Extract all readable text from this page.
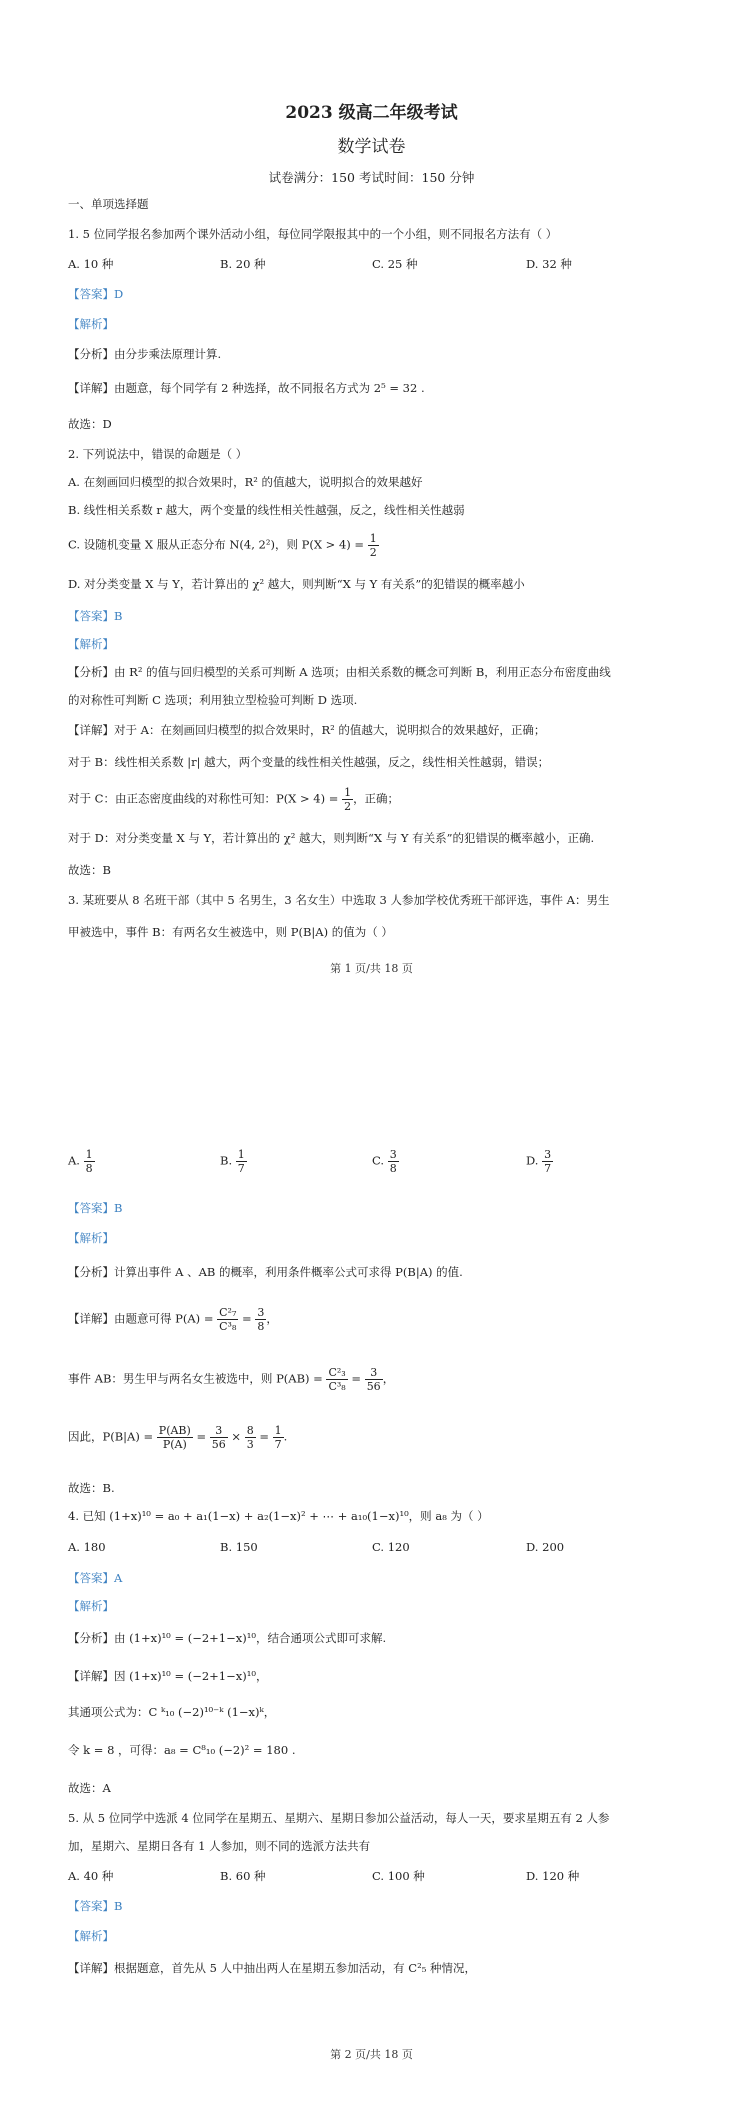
2023 级高二年级考试
数学试卷
试卷满分：150 考试时间：150 分钟
一、单项选择题
1. 5 位同学报名参加两个课外活动小组，每位同学限报其中的一个小组，则不同报名方法有（ ）
A. 10 种	B. 20 种	C. 25 种	D. 32 种
【答案】D
【解析】
【分析】由分步乘法原理计算.
【详解】由题意，每个同学有 2 种选择，故不同报名方式为 2⁵ = 32 .
故选：D
2. 下列说法中，错误的命题是（ ）
A. 在刻画回归模型的拟合效果时，R² 的值越大，说明拟合的效果越好
B. 线性相关系数 r 越大，两个变量的线性相关性越强，反之，线性相关性越弱
C. 设随机变量 X 服从正态分布 N(4, 2²)，则 $P(X > 4) = \frac{1}{2}$
D. 对分类变量 X 与 Y，若计算出的 χ² 越大，则判断“X 与 Y 有关系”的犯错误的概率越小
【答案】B
【解析】
【分析】由 R² 的值与回归模型的关系可判断 A 选项；由相关系数的概念可判断 B，利用正态分布密度曲线
的对称性可判断 C 选项；利用独立型检验可判断 D 选项.
【详解】对于 A：在刻画回归模型的拟合效果时，R² 的值越大，说明拟合的效果越好，正确；
对于 B：线性相关系数 |r| 越大，两个变量的线性相关性越强，反之，线性相关性越弱，错误；
对于 C：由正态密度曲线的对称性可知：$P(X > 4) = \frac{1}{2}$ ，正确；
对于 D：对分类变量 X 与 Y，若计算出的 χ² 越大，则判断“X 与 Y 有关系”的犯错误的概率越小，正确.
故选：B
3. 某班要从 8 名班干部（其中 5 名男生，3 名女生）中选取 3 人参加学校优秀班干部评选，事件 A：男生
甲被选中，事件 B：有两名女生被选中，则 P(B|A) 的值为（ ）
第 1 页/共 18 页
A. $\frac{1}{8}$	B. $\frac{1}{7}$	C. $\frac{3}{8}$	D. $\frac{3}{7}$
【答案】B
【解析】
【分析】计算出事件 A 、AB 的概率，利用条件概率公式可求得 P(B|A) 的值.
【详解】由题意可得 $P(A) = \frac{\text{C²₇}}{\text{C³₈}} = \frac{3}{8}$ ，
事件 AB：男生甲与两名女生被选中，则 $P(AB) = \frac{\text{C²₃}}{\text{C³₈}} = \frac{3}{56}$ ，
因此，$P(B|A) = \frac{P(AB)}{P(A)} = \frac{3}{56} \times \frac{8}{3} = \frac{1}{7}$ .
故选：B.
4. 已知 (1+x)¹⁰ = a₀ + a₁(1−x) + a₂(1−x)² + ⋯ + a₁₀(1−x)¹⁰，则 a₈ 为（ ）
A. 180	B. 150	C. 120	D. 200
【答案】A
【解析】
【分析】由 (1+x)¹⁰ = (−2+1−x)¹⁰，结合通项公式即可求解.
【详解】因 (1+x)¹⁰ = (−2+1−x)¹⁰，
其通项公式为：C ᵏ₁₀ (−2)¹⁰⁻ᵏ (1−x)ᵏ，
令 k = 8 ，可得：a₈ = C⁸₁₀ (−2)² = 180 .
故选：A
5. 从 5 位同学中选派 4 位同学在星期五、星期六、星期日参加公益活动，每人一天，要求星期五有 2 人参
加，星期六、星期日各有 1 人参加，则不同的选派方法共有
A. 40 种	B. 60 种	C. 100 种	D. 120 种
【答案】B
【解析】
【详解】根据题意，首先从 5 人中抽出两人在星期五参加活动，有 C²₅ 种情况，
第 2 页/共 18 页
